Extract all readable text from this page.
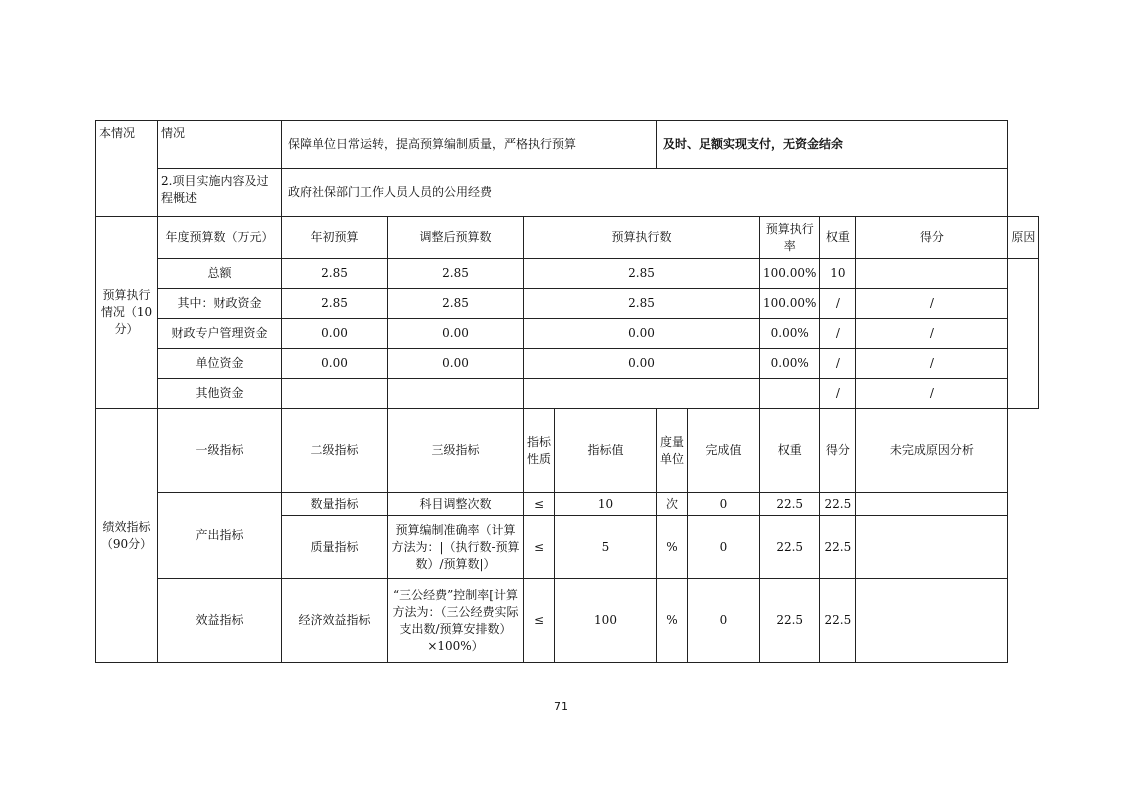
本情况	情况	保障单位日常运转，提高预算编制质量，严格执行预算				及时、足额实现支付，无资金结余					
	2.项目实施内容及过程概述	政府社保部门工作人员人员的公用经费									
预算执行情况（10分）	年度预算数（万元）	年初预算	调整后预算数	预算执行数				预算执行率	权重	得分	原因
	总额	2.85	2.85	2.85				100.00%	10		
	其中：财政资金	2.85	2.85	2.85				100.00%	/	/	
	财政专户管理资金	0.00	0.00	0.00				0.00%	/	/	
	单位资金	0.00	0.00	0.00				0.00%	/	/	
	其他资金								/	/	
绩效指标（90分）	一级指标	二级指标	三级指标	指标性质	指标值	度量单位	完成值	权重	得分	未完成原因分析	
	产出指标	数量指标	科目调整次数	≤	10	次	0	22.5	22.5		
		质量指标	预算编制准确率（计算方法为：|（执行数-预算数）/预算数|）	≤	5	%	0	22.5	22.5		
	效益指标	经济效益指标	“三公经费”控制率[计算方法为：（三公经费实际支出数/预算安排数）×100%）	≤	100	%	0	22.5	22.5		
71
